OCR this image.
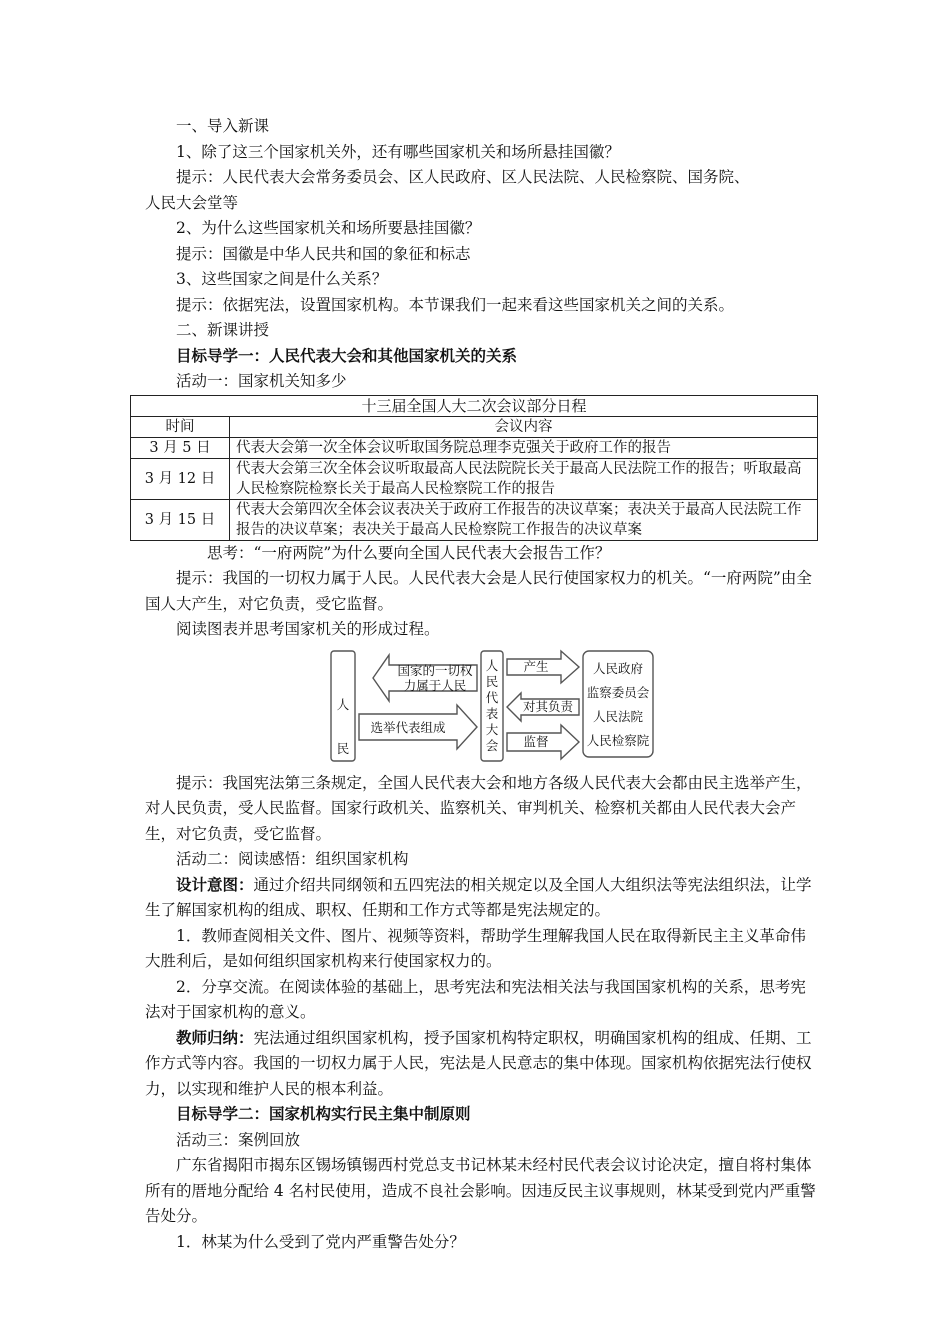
一、导入新课

1、除了这三个国家机关外，还有哪些国家机关和场所悬挂国徽？

提示：人民代表大会常务委员会、区人民政府、区人民法院、人民检察院、国务院、

人民大会堂等

2、为什么这些国家机关和场所要悬挂国徽？

提示：国徽是中华人民共和国的象征和标志

3、这些国家之间是什么关系？

提示：依据宪法，设置国家机构。本节课我们一起来看这些国家机关之间的关系。

二、新课讲授

目标导学一：人民代表大会和其他国家机关的关系

活动一：国家机关知多少

十三届全国人大二次会议部分日程	
时间	会议内容
3 月 5 日	代表大会第一次全体会议听取国务院总理李克强关于政府工作的报告
3 月 12 日	代表大会第三次全体会议听取最高人民法院院长关于最高人民法院工作的报告；听取最高人民检察院检察长关于最高人民检察院工作的报告
3 月 15 日	代表大会第四次全体会议表决关于政府工作报告的决议草案；表决关于最高人民法院工作报告的决议草案；表决关于最高人民检察院工作报告的决议草案

思考：“一府两院”为什么要向全国人民代表大会报告工作？

提示：我国的一切权力属于人民。人民代表大会是人民行使国家权力的机关。“一府两院”由全国人大产生，对它负责，受它监督。

阅读图表并思考国家机关的形成过程。

人民
国家的一切权力属于人民
选举代表组成
人民代表大会
产生
对其负责
监督
人民政府
监察委员会
人民法院
人民检察院

提示：我国宪法第三条规定，全国人民代表大会和地方各级人民代表大会都由民主选举产生，对人民负责，受人民监督。国家行政机关、监察机关、审判机关、检察机关都由人民代表大会产生，对它负责，受它监督。

活动二：阅读感悟：组织国家机构

设计意图：通过介绍共同纲领和五四宪法的相关规定以及全国人大组织法等宪法组织法，让学生了解国家机构的组成、职权、任期和工作方式等都是宪法规定的。

1．教师查阅相关文件、图片、视频等资料，帮助学生理解我国人民在取得新民主主义革命伟大胜利后，是如何组织国家机构来行使国家权力的。

2．分享交流。在阅读体验的基础上，思考宪法和宪法相关法与我国国家机构的关系，思考宪法对于国家机构的意义。

教师归纳：宪法通过组织国家机构，授予国家机构特定职权，明确国家机构的组成、任期、工作方式等内容。我国的一切权力属于人民，宪法是人民意志的集中体现。国家机构依据宪法行使权力，以实现和维护人民的根本利益。

目标导学二：国家机构实行民主集中制原则

活动三：案例回放

广东省揭阳市揭东区锡场镇锡西村党总支书记林某未经村民代表会议讨论决定，擅自将村集体所有的厝地分配给 4 名村民使用，造成不良社会影响。因违反民主议事规则，林某受到党内严重警告处分。

1．林某为什么受到了党内严重警告处分？
